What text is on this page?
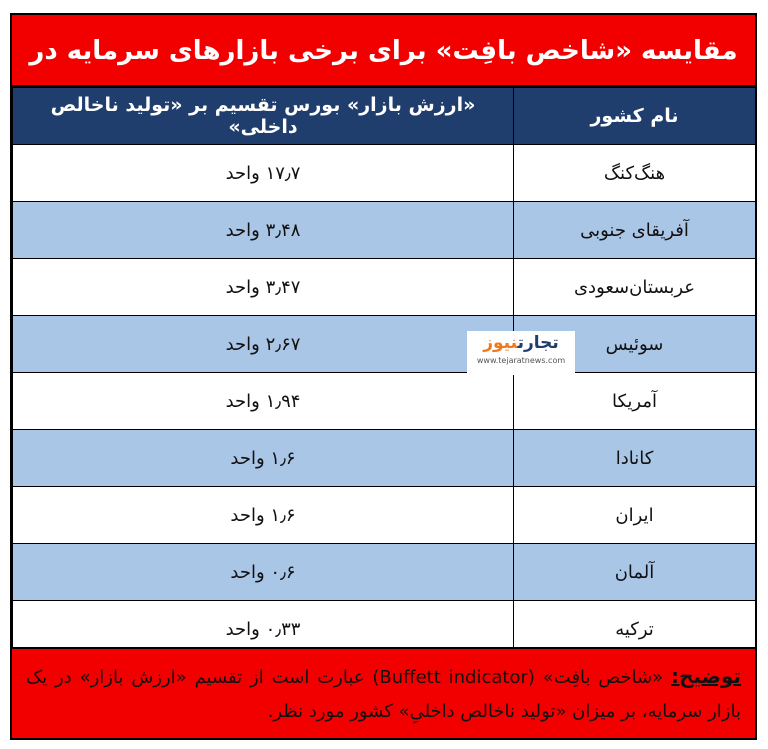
مقایسه «شاخص بافِت» برای برخی بازارهای سرمایه در
نام کشور	«ارزش بازار» بورس تقسیم بر «تولید ناخالص داخلی»
هنگ‌کنگ	۱۷٫۷ واحد
آفریقای جنوبی	۳٫۴۸ واحد
عربستان‌سعودی	۳٫۴۷ واحد
سوئیس	۲٫۶۷ واحد
آمریکا	۱٫۹۴ واحد
کانادا	۱٫۶ واحد
ایران	۱٫۶ واحد
آلمان	۰٫۶ واحد
ترکیه	۰٫۳۳ واحد
تجارتنیوز
www.tejaratnews.com
توضیح: «شاخص بافِت» (Buffett indicator) عبارت است از تقسیم «ارزش بازار» در یک بازار سرمایه، بر میزان «تولید ناخالص داخلیِ» کشور مورد نظر.
